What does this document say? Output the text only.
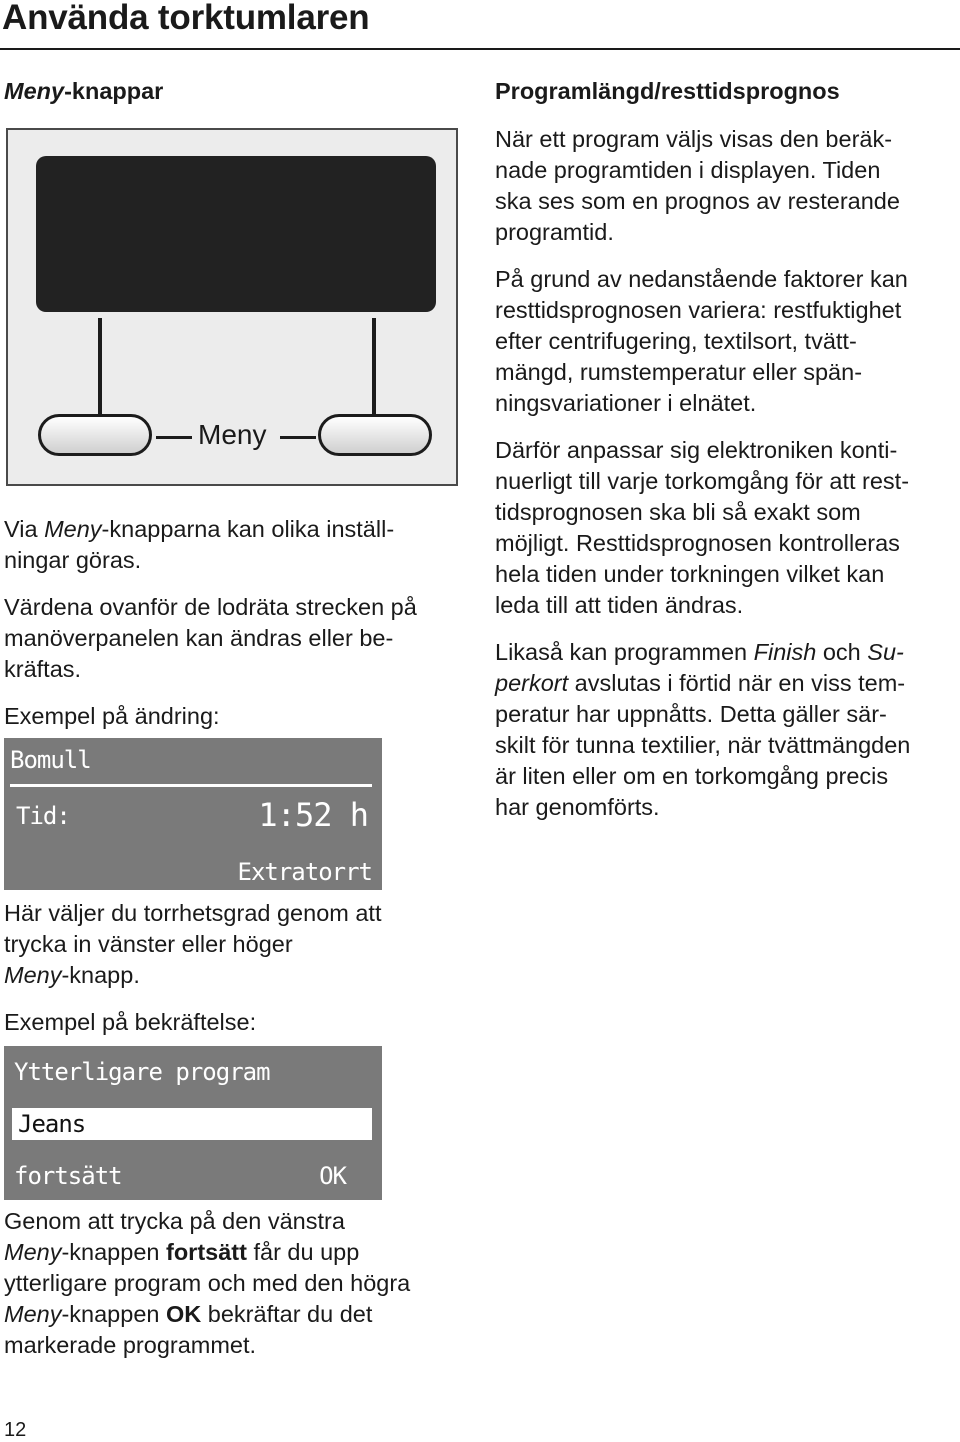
Använda torktumlaren
Meny-knappar
Meny

Via Meny-knapparna kan olika inställ-
ningar göras.

Värdena ovanför de lodräta strecken på
manöverpanelen kan ändras eller be-
kräftas.

Exempel på ändring:

Bomull
Tid:	1:52 h
Extratorrt

Här väljer du torrhetsgrad genom att
trycka in vänster eller höger
Meny-knapp.

Exempel på bekräftelse:

Ytterligare program
Jeans
fortsätt	OK

Genom att trycka på den vänstra
Meny-knappen fortsätt får du upp
ytterligare program och med den högra
Meny-knappen OK bekräftar du det
markerade programmet.

Programlängd/resttidsprognos

När ett program väljs visas den beräk-
nade programtiden i displayen. Tiden
ska ses som en prognos av resterande
programtid.

På grund av nedanstående faktorer kan
resttidsprognosen variera: restfuktighet
efter centrifugering, textilsort, tvätt-
mängd, rumstemperatur eller spän-
ningsvariationer i elnätet.

Därför anpassar sig elektroniken konti-
nuerligt till varje torkomgång för att rest-
tidsprognosen ska bli så exakt som
möjligt. Resttidsprognosen kontrolleras
hela tiden under torkningen vilket kan
leda till att tiden ändras.

Likaså kan programmen Finish och Su-
perkort avslutas i förtid när en viss tem-
peratur har uppnåtts. Detta gäller sär-
skilt för tunna textilier, när tvättmängden
är liten eller om en torkomgång precis
har genomförts.

12
